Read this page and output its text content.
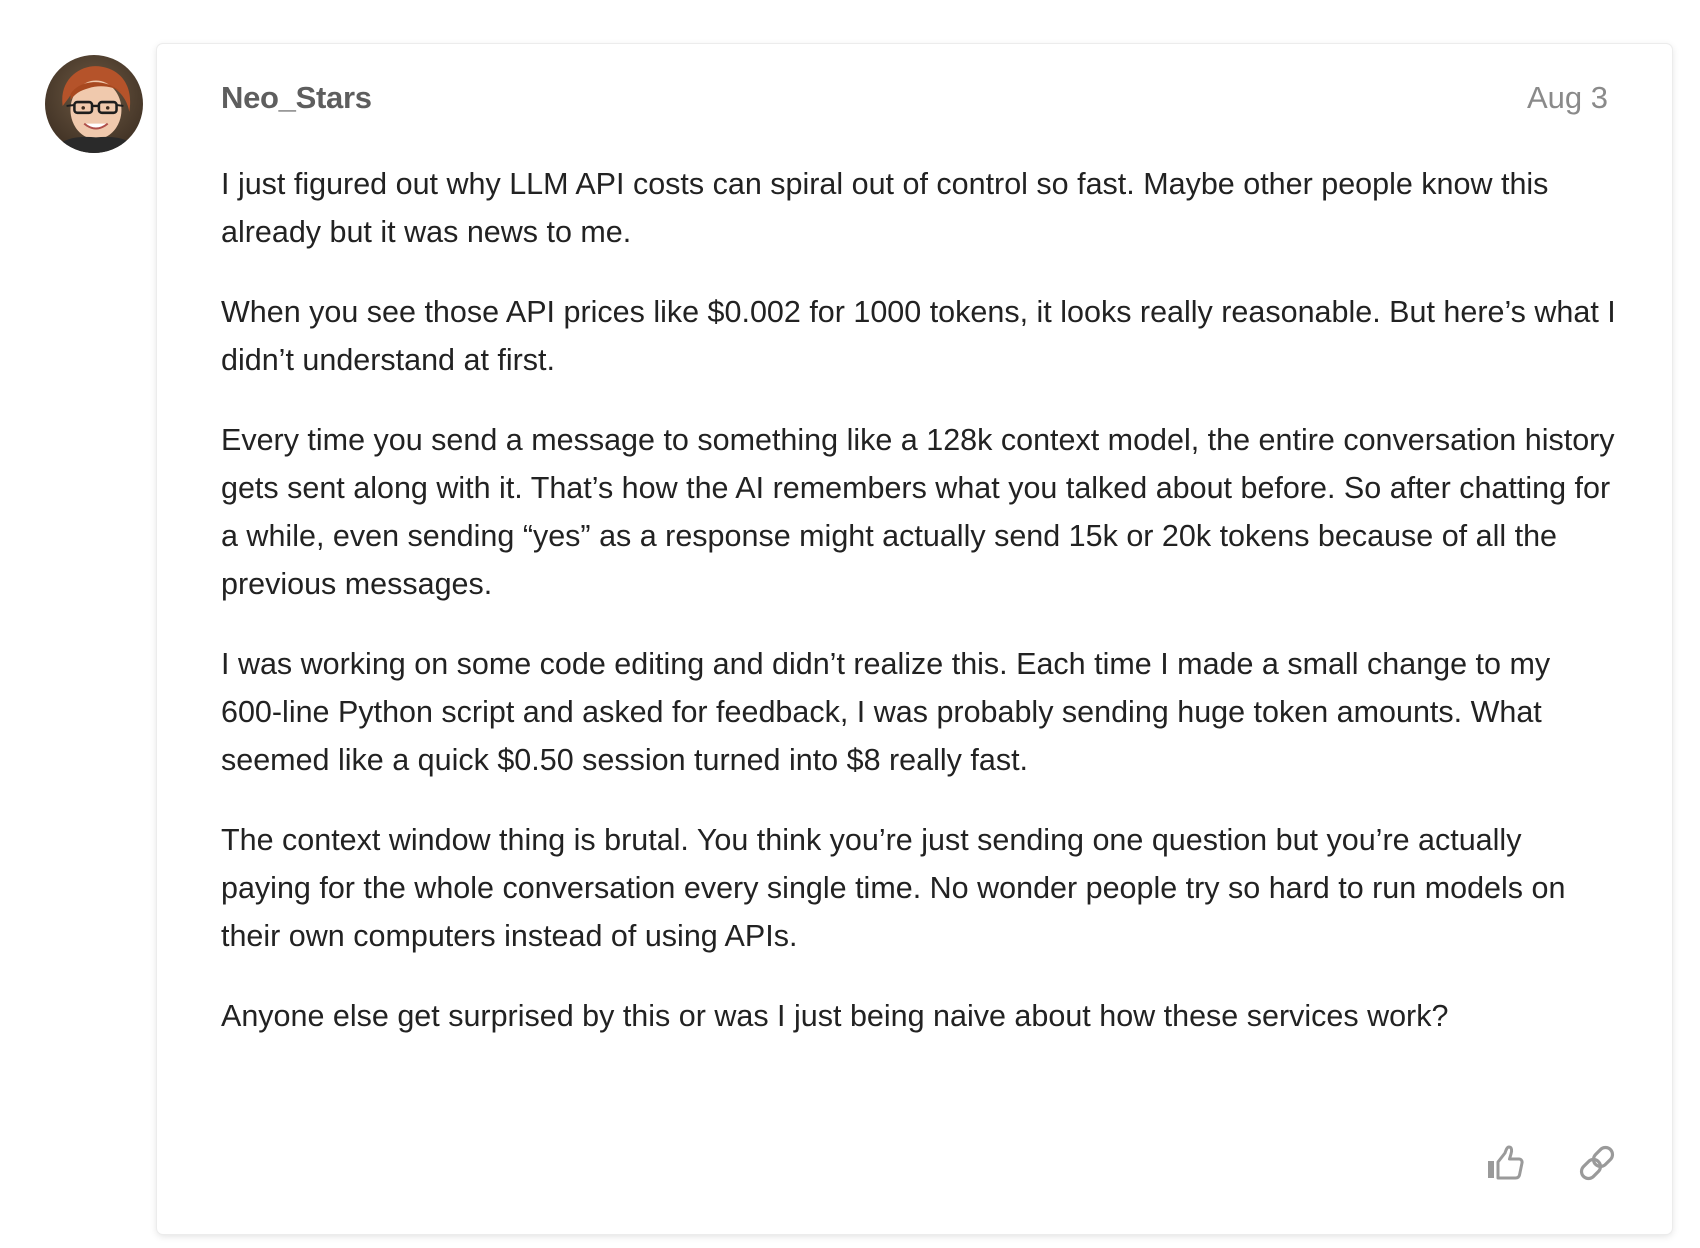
Neo_Stars	Aug 3

I just figured out why LLM API costs can spiral out of control so fast. Maybe other people know this already but it was news to me.

When you see those API prices like $0.002 for 1000 tokens, it looks really reasonable. But here’s what I didn’t understand at first.

Every time you send a message to something like a 128k context model, the entire conversation history gets sent along with it. That’s how the AI remembers what you talked about before. So after chatting for a while, even sending “yes” as a response might actually send 15k or 20k tokens because of all the previous messages.

I was working on some code editing and didn’t realize this. Each time I made a small change to my 600-line Python script and asked for feedback, I was probably sending huge token amounts. What seemed like a quick $0.50 session turned into $8 really fast.

The context window thing is brutal. You think you’re just sending one question but you’re actually paying for the whole conversation every single time. No wonder people try so hard to run models on their own computers instead of using APIs.

Anyone else get surprised by this or was I just being naive about how these services work?
